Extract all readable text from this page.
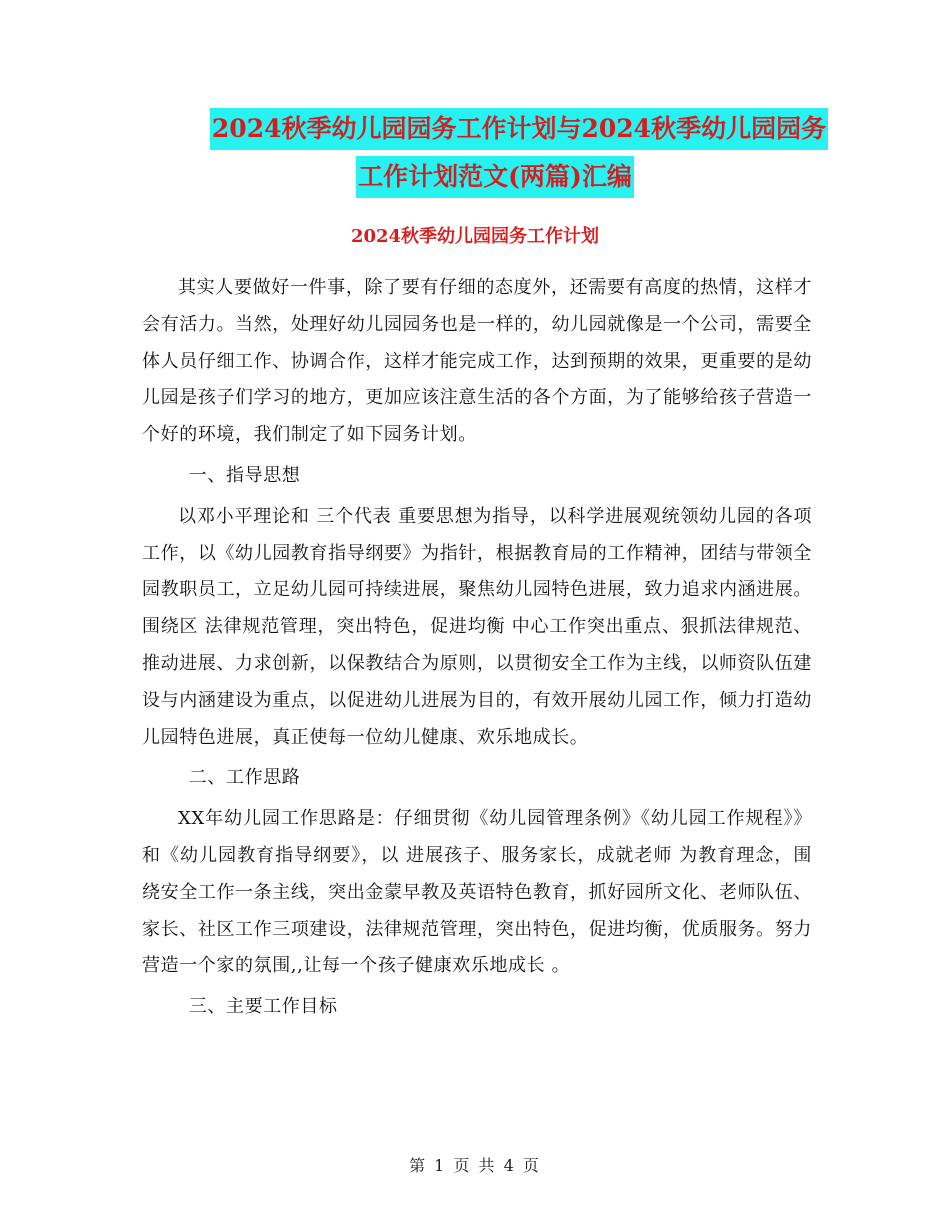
2024秋季幼儿园园务工作计划与2024秋季幼儿园园务
工作计划范文(两篇)汇编
2024秋季幼儿园园务工作计划

其实人要做好一件事，除了要有仔细的态度外，还需要有高度的热情，这样才会有活力。当然，处理好幼儿园园务也是一样的，幼儿园就像是一个公司，需要全体人员仔细工作、协调合作，这样才能完成工作，达到预期的效果，更重要的是幼儿园是孩子们学习的地方，更加应该注意生活的各个方面，为了能够给孩子营造一个好的环境，我们制定了如下园务计划。

一、指导思想

以邓小平理论和 三个代表 重要思想为指导，以科学进展观统领幼儿园的各项工作，以《幼儿园教育指导纲要》为指针，根据教育局的工作精神，团结与带领全园教职员工，立足幼儿园可持续进展，聚焦幼儿园特色进展，致力追求内涵进展。围绕区 法律规范管理，突出特色，促进均衡 中心工作突出重点、狠抓法律规范、推动进展、力求创新，以保教结合为原则，以贯彻安全工作为主线，以师资队伍建设与内涵建设为重点，以促进幼儿进展为目的，有效开展幼儿园工作，倾力打造幼儿园特色进展，真正使每一位幼儿健康、欢乐地成长。

二、工作思路

XX年幼儿园工作思路是：仔细贯彻《幼儿园管理条例》《幼儿园工作规程》》和《幼儿园教育指导纲要》，以 进展孩子、服务家长，成就老师 为教育理念，围绕安全工作一条主线，突出金蒙早教及英语特色教育，抓好园所文化、老师队伍、家长、社区工作三项建设，法律规范管理，突出特色，促进均衡，优质服务。努力 营造一个家的氛围,,让每一个孩子健康欢乐地成长 。

三、主要工作目标

第 1 页 共 4 页
